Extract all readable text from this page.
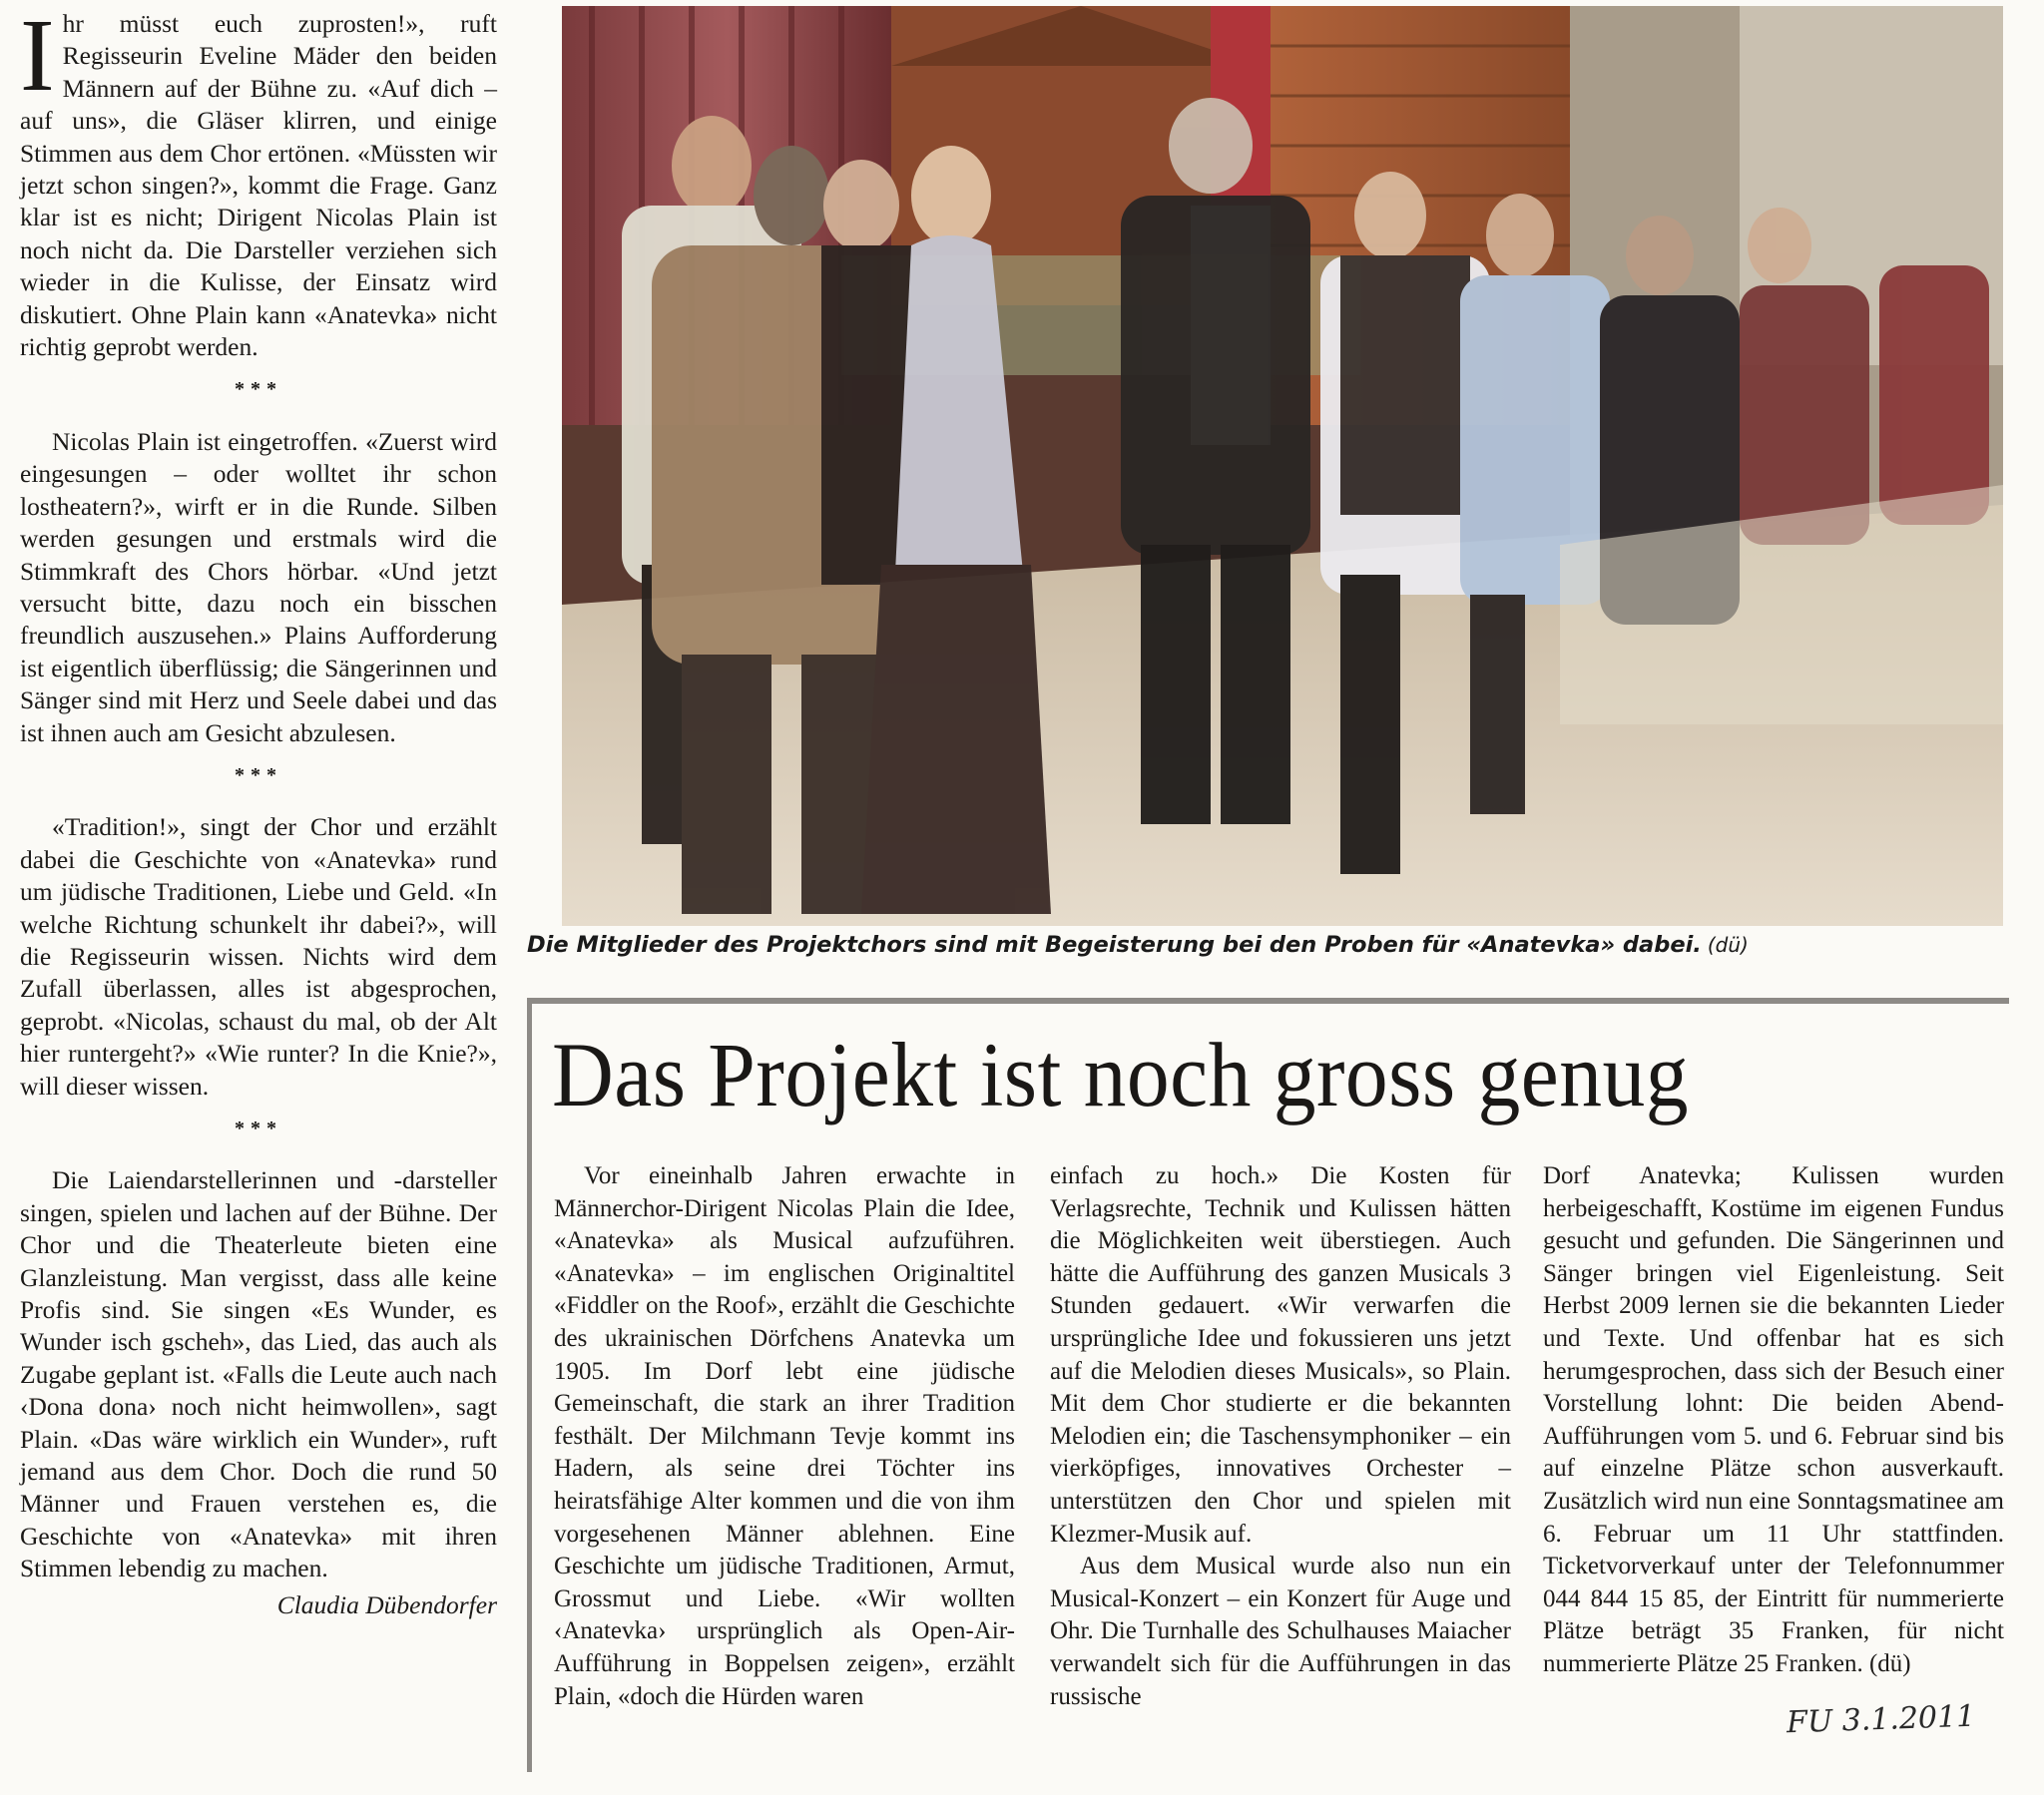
Ihr müsst euch zuprosten!», ruft Regisseurin Eveline Mäder den beiden Männern auf der Bühne zu. «Auf dich – auf uns», die Gläser klirren, und einige Stimmen aus dem Chor ertönen. «Müssten wir jetzt schon singen?», kommt die Frage. Ganz klar ist es nicht; Dirigent Nicolas Plain ist noch nicht da. Die Darsteller verziehen sich wieder in die Kulisse, der Einsatz wird diskutiert. Ohne Plain kann «Anatevka» nicht richtig geprobt werden.

***

Nicolas Plain ist eingetroffen. «Zuerst wird eingesungen – oder wolltet ihr schon lostheatern?», wirft er in die Runde. Silben werden gesungen und erstmals wird die Stimmkraft des Chors hörbar. «Und jetzt versucht bitte, dazu noch ein bisschen freundlich auszusehen.» Plains Aufforderung ist eigentlich überflüssig; die Sängerinnen und Sänger sind mit Herz und Seele dabei und das ist ihnen auch am Gesicht abzulesen.

***

«Tradition!», singt der Chor und erzählt dabei die Geschichte von «Anatevka» rund um jüdische Traditionen, Liebe und Geld. «In welche Richtung schunkelt ihr dabei?», will die Regisseurin wissen. Nichts wird dem Zufall überlassen, alles ist abgesprochen, geprobt. «Nicolas, schaust du mal, ob der Alt hier runtergeht?» «Wie runter? In die Knie?», will dieser wissen.

***

Die Laiendarstellerinnen und -darsteller singen, spielen und lachen auf der Bühne. Der Chor und die Theaterleute bieten eine Glanzleistung. Man vergisst, dass alle keine Profis sind. Sie singen «Es Wunder, es Wunder isch gscheh», das Lied, das auch als Zugabe geplant ist. «Falls die Leute auch nach ‹Dona dona› noch nicht heimwollen», sagt Plain. «Das wäre wirklich ein Wunder», ruft jemand aus dem Chor. Doch die rund 50 Männer und Frauen verstehen es, die Geschichte von «Anatevka» mit ihren Stimmen lebendig zu machen.

Claudia Dübendorfer
Die Mitglieder des Projektchors sind mit Begeisterung bei den Proben für «Anatevka» dabei. (dü)
Das Projekt ist noch gross genug

Vor eineinhalb Jahren erwachte in Männerchor-Dirigent Nicolas Plain die Idee, «Anatevka» als Musical aufzuführen. «Anatevka» – im englischen Originaltitel «Fiddler on the Roof», erzählt die Geschichte des ukrainischen Dörfchens Anatevka um 1905. Im Dorf lebt eine jüdische Gemeinschaft, die stark an ihrer Tradition festhält. Der Milchmann Tevje kommt ins Hadern, als seine drei Töchter ins heiratsfähige Alter kommen und die von ihm vorgesehenen Männer ablehnen. Eine Geschichte um jüdische Traditionen, Armut, Grossmut und Liebe. «Wir wollten ‹Anatevka› ursprünglich als Open-Air-Aufführung in Boppelsen zeigen», erzählt Plain, «doch die Hürden waren

einfach zu hoch.» Die Kosten für Verlagsrechte, Technik und Kulissen hätten die Möglichkeiten weit überstiegen. Auch hätte die Aufführung des ganzen Musicals 3 Stunden gedauert. «Wir verwarfen die ursprüngliche Idee und fokussieren uns jetzt auf die Melodien dieses Musicals», so Plain. Mit dem Chor studierte er die bekannten Melodien ein; die Taschensymphoniker – ein vierköpfiges, innovatives Orchester – unterstützen den Chor und spielen mit Klezmer-Musik auf.

Aus dem Musical wurde also nun ein Musical-Konzert – ein Konzert für Auge und Ohr. Die Turnhalle des Schulhauses Maiacher verwandelt sich für die Aufführungen in das russische

Dorf Anatevka; Kulissen wurden herbeigeschafft, Kostüme im eigenen Fundus gesucht und gefunden. Die Sängerinnen und Sänger bringen viel Eigenleistung. Seit Herbst 2009 lernen sie die bekannten Lieder und Texte. Und offenbar hat es sich herumgesprochen, dass sich der Besuch einer Vorstellung lohnt: Die beiden Abend-Aufführungen vom 5. und 6. Februar sind bis auf einzelne Plätze schon ausverkauft. Zusätzlich wird nun eine Sonntagsmatinee am 6. Februar um 11 Uhr stattfinden. Ticketvorverkauf unter der Telefonnummer 044 844 15 85, der Eintritt für nummerierte Plätze beträgt 35 Franken, für nicht nummerierte Plätze 25 Franken. (dü)

FU 3.1.2011
